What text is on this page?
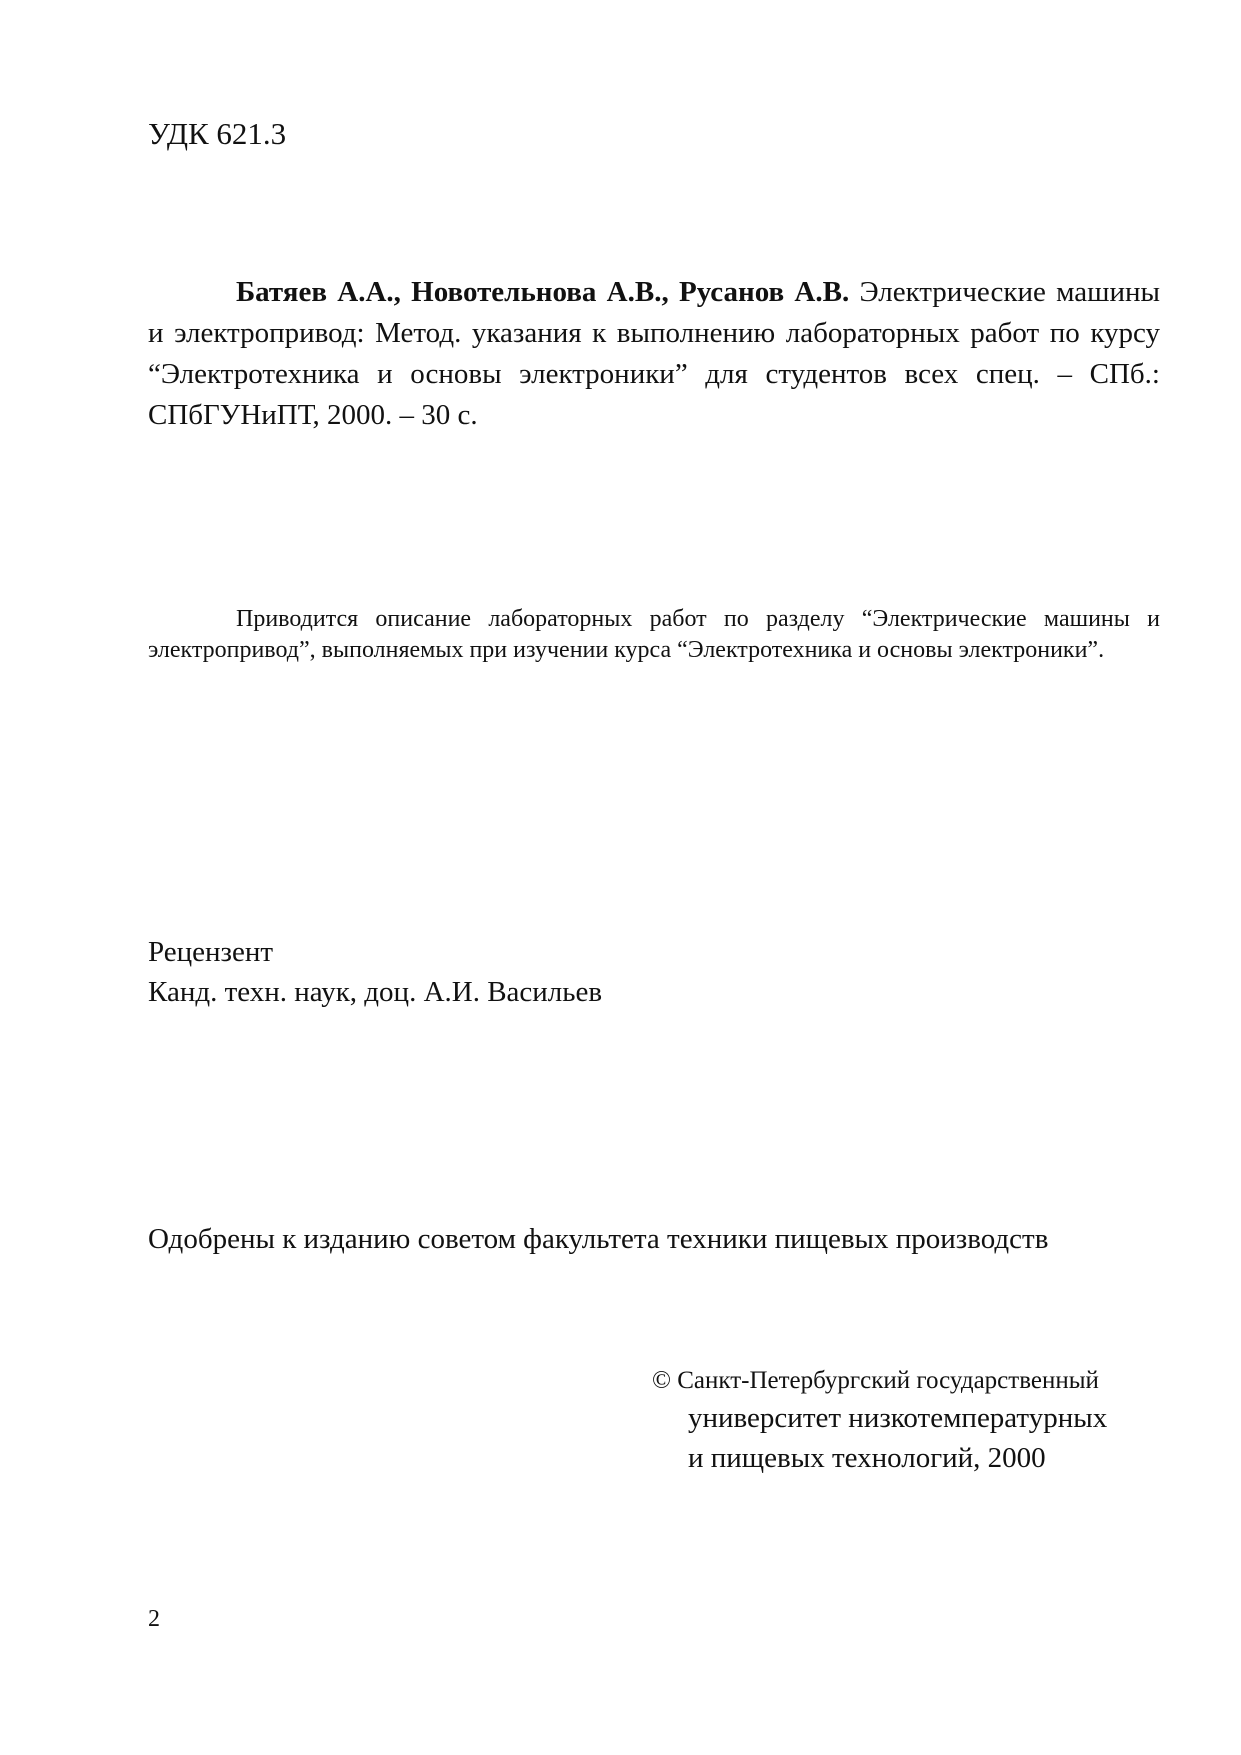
УДК 621.3
Батяев А.А., Новотельнова А.В., Русанов А.В. Электрические машины и электропривод: Метод. указания к выполнению лабораторных работ по курсу “Электротехника и основы электроники” для студентов всех спец. – СПб.: СПбГУНиПТ, 2000. – 30 с.
Приводится описание лабораторных работ по разделу “Электрические машины и электропривод”, выполняемых при изучении курса “Электротехника и основы электроники”.
Рецензент
Канд. техн. наук, доц. А.И. Васильев
Одобрены к изданию советом факультета техники пищевых производств
© Санкт-Петербургский государственный
университет низкотемпературных
и пищевых технологий, 2000
2
